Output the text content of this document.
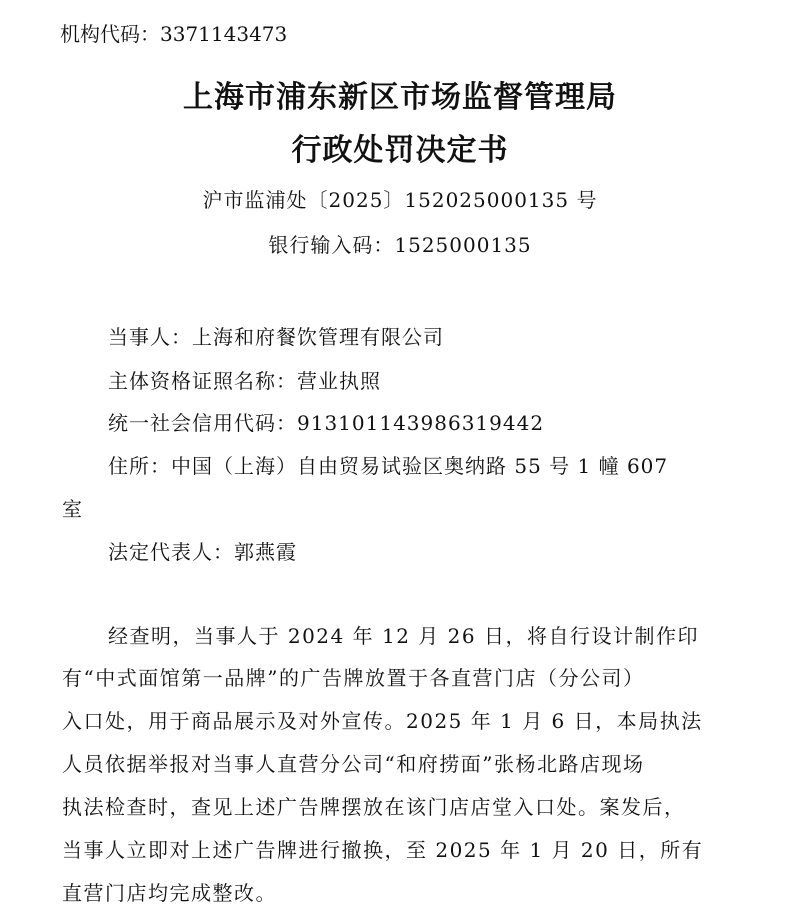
机构代码：3371143473
上海市浦东新区市场监督管理局
行政处罚决定书
沪市监浦处〔2025〕152025000135 号
银行输入码：1525000135
当事人：上海和府餐饮管理有限公司
主体资格证照名称：营业执照
统一社会信用代码：91310114398631944​2
住所：中国（上海）自由贸易试验区奥纳路 55 号 1 幢 607
室
法定代表人：郭燕霞
经查明，当事人于 2024 年 12 月 26 日，将自行设计制作印
有“中式面馆第一品牌”的广告牌放置于各直营门店（分公司）
入口处，用于商品展示及对外宣传。2025 年 1 月 6 日，本局执法
人员依据举报对当事人直营分公司“和府捞面”张杨北路店现场
执法检查时，查见上述广告牌摆放在该门店店堂入口处。案发后，
当事人立即对上述广告牌进行撤换，至 2025 年 1 月 20 日，所有
直营门店均完成整改。
